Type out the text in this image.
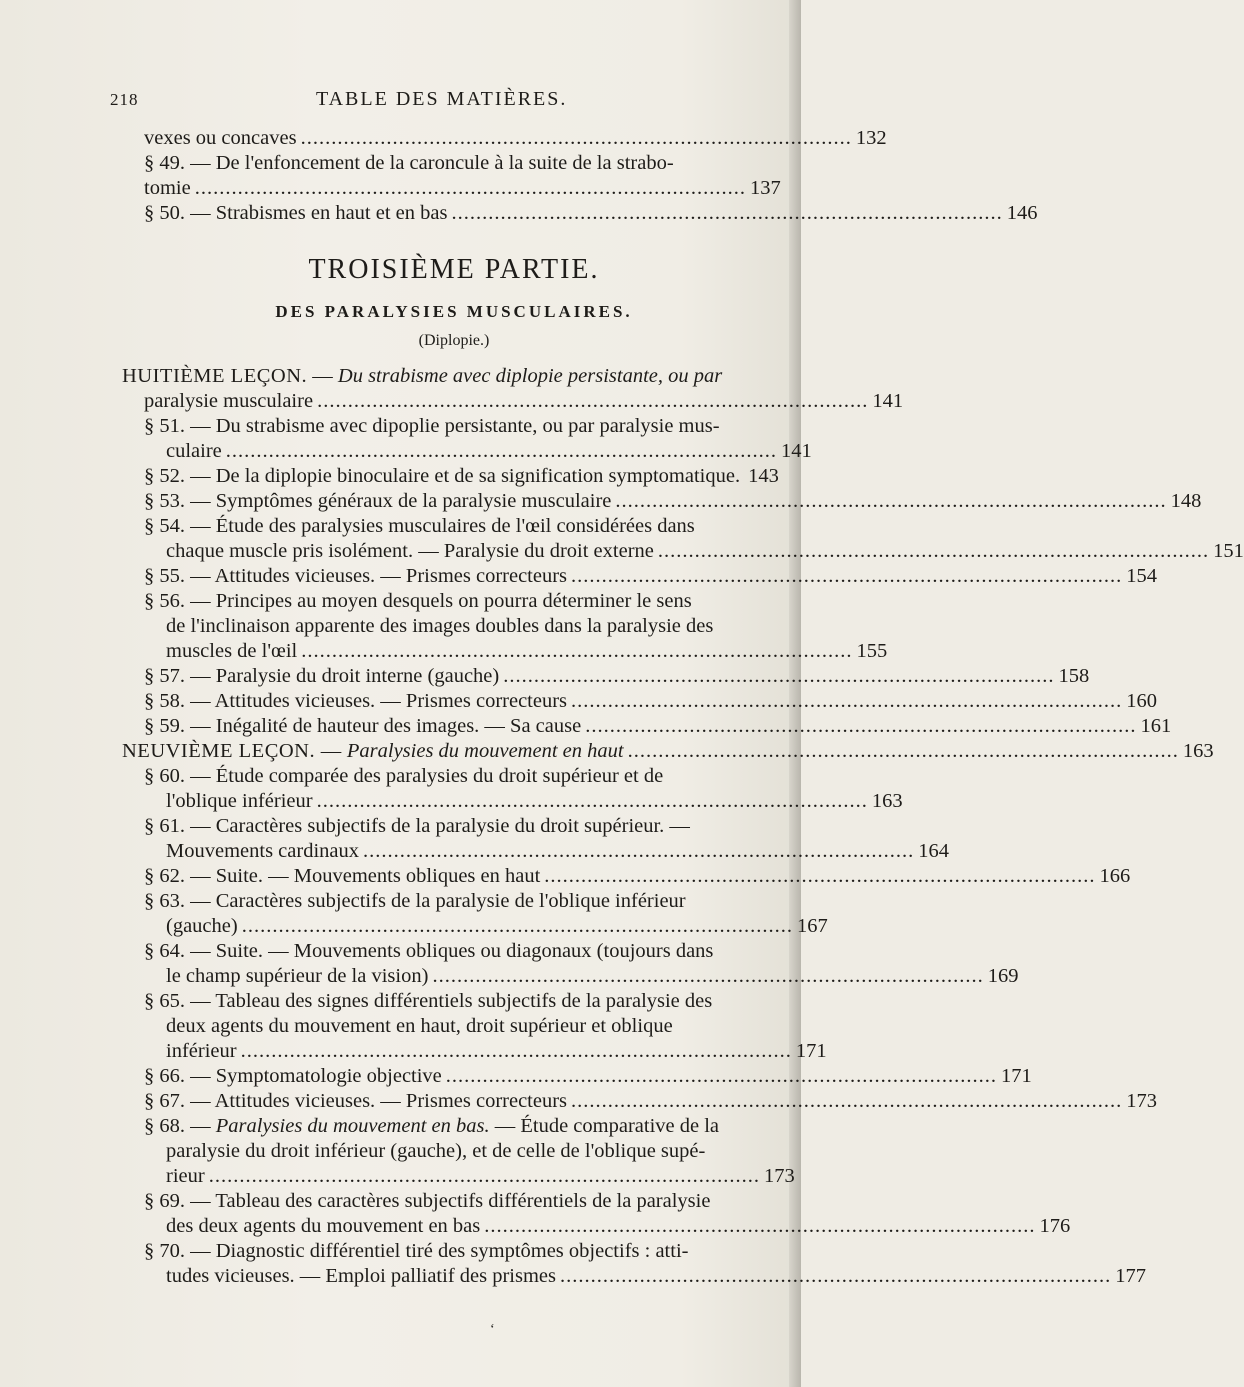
218	TABLE DES MATIÈRES.
vexes ou concaves .......................................................................................... 132
§ 49. — De l'enfoncement de la caroncule à la suite de la strabo-
tomie .......................................................................................... 137
§ 50. — Strabismes en haut et en bas .......................................................................................... 146
TROISIÈME PARTIE.
DES PARALYSIES MUSCULAIRES.
(Diplopie.)
HUITIÈME LEÇON. — Du strabisme avec diplopie persistante, ou par
paralysie musculaire .......................................................................................... 141
§ 51. — Du strabisme avec dipoplie persistante, ou par paralysie mus-
culaire .......................................................................................... 141
§ 52. — De la diplopie binoculaire et de sa signification symptomatique. 143
§ 53. — Symptômes généraux de la paralysie musculaire .......................................................................................... 148
§ 54. — Étude des paralysies musculaires de l'œil considérées dans
chaque muscle pris isolément. — Paralysie du droit externe .......................................................................................... 151
§ 55. — Attitudes vicieuses. — Prismes correcteurs .......................................................................................... 154
§ 56. — Principes au moyen desquels on pourra déterminer le sens
de l'inclinaison apparente des images doubles dans la paralysie des
muscles de l'œil .......................................................................................... 155
§ 57. — Paralysie du droit interne (gauche) .......................................................................................... 158
§ 58. — Attitudes vicieuses. — Prismes correcteurs .......................................................................................... 160
§ 59. — Inégalité de hauteur des images. — Sa cause .......................................................................................... 161
NEUVIÈME LEÇON. — Paralysies du mouvement en haut .......................................................................................... 163
§ 60. — Étude comparée des paralysies du droit supérieur et de
l'oblique inférieur .......................................................................................... 163
§ 61. — Caractères subjectifs de la paralysie du droit supérieur. —
Mouvements cardinaux .......................................................................................... 164
§ 62. — Suite. — Mouvements obliques en haut .......................................................................................... 166
§ 63. — Caractères subjectifs de la paralysie de l'oblique inférieur
(gauche) .......................................................................................... 167
§ 64. — Suite. — Mouvements obliques ou diagonaux (toujours dans
le champ supérieur de la vision) .......................................................................................... 169
§ 65. — Tableau des signes différentiels subjectifs de la paralysie des
deux agents du mouvement en haut, droit supérieur et oblique
inférieur .......................................................................................... 171
§ 66. — Symptomatologie objective .......................................................................................... 171
§ 67. — Attitudes vicieuses. — Prismes correcteurs .......................................................................................... 173
§ 68. — Paralysies du mouvement en bas. — Étude comparative de la
paralysie du droit inférieur (gauche), et de celle de l'oblique supé-
rieur .......................................................................................... 173
§ 69. — Tableau des caractères subjectifs différentiels de la paralysie
des deux agents du mouvement en bas .......................................................................................... 176
§ 70. — Diagnostic différentiel tiré des symptômes objectifs : atti-
tudes vicieuses. — Emploi palliatif des prismes .......................................................................................... 177
ʻ
